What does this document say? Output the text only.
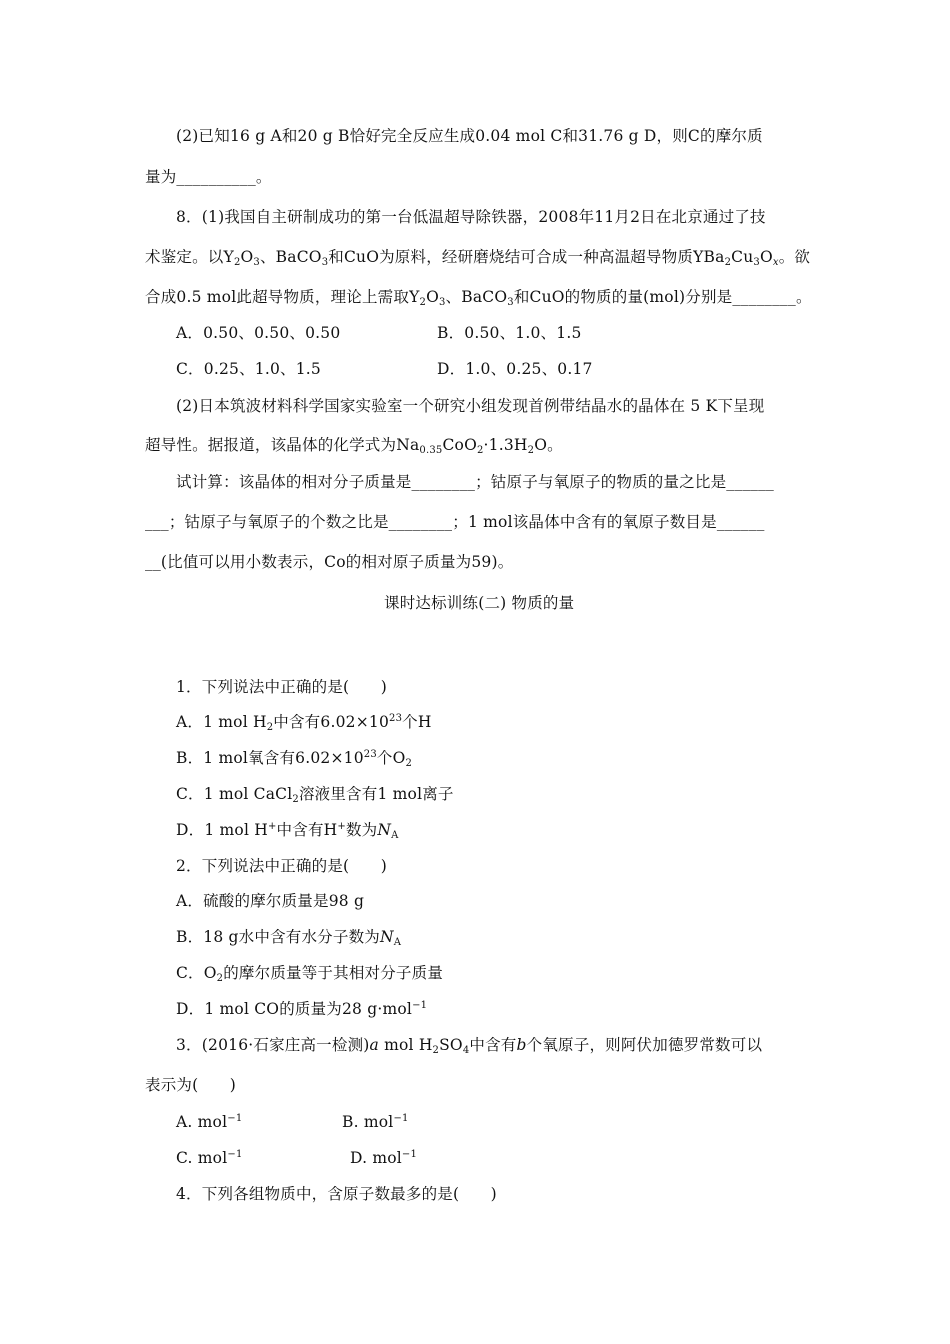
(2)已知16 g A和20 g B恰好完全反应生成0.04 mol C和31.76 g D，则C的摩尔质
量为__________。
8．(1)我国自主研制成功的第一台低温超导除铁器，2008年11月2日在北京通过了技
术鉴定。以$Y_2O_3$、BaCO$_3$和CuO为原料，经研磨烧结可合成一种高温超导物质$YBa_2Cu_3O_x$。欲
合成0.5 mol此超导物质，理论上需取$Y_2O_3$、BaCO$_3$和CuO的物质的量(mol)分别是________。
A．0.50、0.50、0.50	B．0.50、1.0、1.5
C．0.25、1.0、1.5	D．1.0、0.25、0.17
(2)日本筑波材料科学国家实验室一个研究小组发现首例带结晶水的晶体在 5 K下呈现
超导性。据报道，该晶体的化学式为$Na_{0.35}CoO_2\cdot 1.3H_2O$。
试计算：该晶体的相对分子质量是________；钴原子与氧原子的物质的量之比是______
___；钴原子与氧原子的个数之比是________；1 mol该晶体中含有的氧原子数目是______
__(比值可以用小数表示，Co的相对原子质量为59)。
课时达标训练(二) 物质的量
1．下列说法中正确的是(　　)
A．1 mol $H_2$中含有$6.02\times 10^{23}$个H
B．1 mol氧含有$6.02\times 10^{23}$个$O_2$
C．1 mol CaCl$_2$溶液里含有1 mol离子
D．1 mol H+中含有H+数为$N_A$
2．下列说法中正确的是(　　)
A．硫酸的摩尔质量是98 g
B．18 g水中含有水分子数为$N_A$
C．$O_2$的摩尔质量等于其相对分子质量
D．1 mol CO的质量为28 g·mol$^{-1}$
3．(2016·石家庄高一检测)a mol $H_2SO_4$中含有b个氧原子，则阿伏加德罗常数可以
表示为(　　)
A. mol$^{-1}$	B. mol$^{-1}$
C. mol$^{-1}$	D. mol$^{-1}$
4．下列各组物质中，含原子数最多的是(　　)
